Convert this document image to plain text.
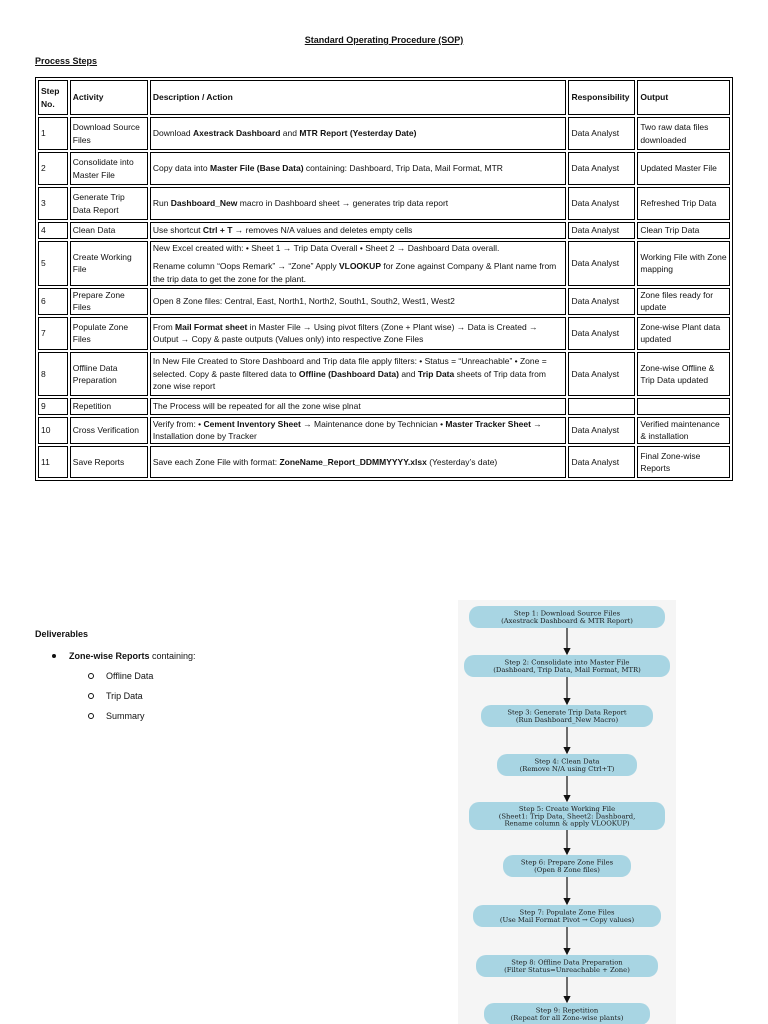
Standard Operating Procedure (SOP)
Process Steps
Step No.	Activity	Description / Action	Responsibility	Output
1	Download Source Files	Download Axestrack Dashboard and MTR Report (Yesterday Date)	Data Analyst	Two raw data files downloaded
2	Consolidate into Master File	Copy data into Master File (Base Data) containing: Dashboard, Trip Data, Mail Format, MTR	Data Analyst	Updated Master File
3	Generate Trip Data Report	Run Dashboard_New macro in Dashboard sheet → generates trip data report	Data Analyst	Refreshed Trip Data
4	Clean Data	Use shortcut Ctrl + T → removes N/A values and deletes empty cells	Data Analyst	Clean Trip Data
5	Create Working File	New Excel created with: • Sheet 1 → Trip Data Overall • Sheet 2 → Dashboard Data overall.

Rename column “Oops Remark” → “Zone” Apply VLOOKUP for Zone against Company & Plant name from the trip data to get the zone for the plant.	Data Analyst	Working File with Zone mapping
6	Prepare Zone Files	Open 8 Zone files: Central, East, North1, North2, South1, South2, West1, West2	Data Analyst	Zone files ready for update
7	Populate Zone Files	From Mail Format sheet in Master File → Using pivot filters (Zone + Plant wise) → Data is Created → Output → Copy & paste outputs (Values only) into respective Zone Files	Data Analyst	Zone-wise Plant data updated
8	Offline Data Preparation	In New File Created to Store Dashboard and Trip data file apply filters: • Status = “Unreachable” • Zone = selected. Copy & paste filtered data to Offline (Dashboard Data) and Trip Data sheets of Trip data from zone wise report	Data Analyst	Zone-wise Offline & Trip Data updated
9	Repetition	The Process will be repeated for all the zone wise plnat		

10	Cross Verification	Verify from: • Cement Inventory Sheet → Maintenance done by Technician • Master Tracker Sheet → Installation done by Tracker	Data Analyst	Verified maintenance & installation
11	Save Reports	Save each Zone File with format: ZoneName_Report_DDMMYYYY.xlsx (Yesterday’s date)	Data Analyst	Final Zone-wise Reports
Deliverables
Zone-wise Reports containing:
Offline Data
Trip Data
Summary
Step 1: Download Source Files
(Axestrack Dashboard & MTR Report)
Step 2: Consolidate into Master File
(Dashboard, Trip Data, Mail Format, MTR)
Step 3: Generate Trip Data Report
(Run Dashboard_New Macro)
Step 4: Clean Data
(Remove N/A using Ctrl+T)
Step 5: Create Working File
(Sheet1: Trip Data, Sheet2: Dashboard,
Rename column & apply VLOOKUP)
Step 6: Prepare Zone Files
(Open 8 Zone files)
Step 7: Populate Zone Files
(Use Mail Format Pivot → Copy values)
Step 8: Offline Data Preparation
(Filter Status=Unreachable + Zone)
Step 9: Repetition
(Repeat for all Zone-wise plants)
